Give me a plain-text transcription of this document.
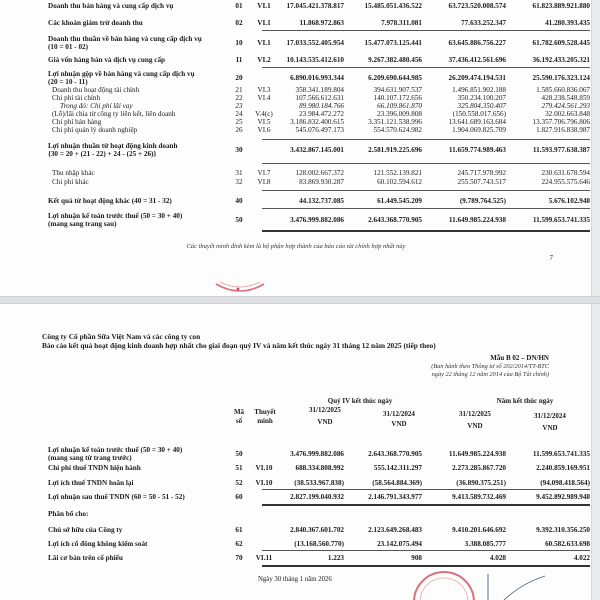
Doanh thu bán hàng và cung cấp dịch vụ	01	VI.1	17.045.421.378.817	15.485.051.436.522	63.723.520.008.574	61.823.889.921.880
Các khoản giảm trừ doanh thu	02	VI.1	11.868.972.863	7.978.311.081	77.633.252.347	41.280.393.435
Doanh thu thuần về bán hàng và cung cấp dịch vụ	10	VI.1	17.033.552.405.954	15.477.073.125.441	63.645.886.756.227	61.782.609.528.445
(10 = 01 - 02)
Giá vốn hàng bán và dịch vụ cung cấp	11	VI.2	10.143.535.412.610	9.267.382.480.456	37.436.412.561.696	36.192.433.205.321
Lợi nhuận gộp về bán hàng và cung cấp dịch vụ	20	6.890.016.993.344	6.209.690.644.985	26.209.474.194.531	25.590.176.323.124
(20 = 10 - 11)
Doanh thu hoạt động tài chính	21	VI.3	358.341.189.804	394.631.907.537	1.496.851.902.188	1.585.660.836.067
Chi phí tài chính	22	VI.4	107.566.612.631	140.107.172.656	350.234.100.207	428.238.548.859
Trong đó: Chi phí lãi vay	23	89.980.184.766	66.109.861.870	325.804.350.407	279.424.561.293
(Lỗ)/lãi chia từ công ty liên kết, liên doanh	24	V.4(c)	23.984.472.272	23.396.009.808	(150.558.017.656)	32.002.663.848
Chi phí bán hàng	25	VI.5	3.186.832.400.615	3.351.121.538.996	13.641.689.163.684	13.357.706.796.806
Chi phí quản lý doanh nghiệp	26	VI.6	545.076.497.173	554.570.624.982	1.904.069.825.709	1.827.916.838.987
Lợi nhuận thuần từ hoạt động kinh doanh	30	3.432.867.145.001	2.581.919.225.696	11.659.774.989.463	11.593.977.638.387
{30 = 20 + (21 - 22) + 24 - (25 + 26)}
Thu nhập khác	31	VI.7	128.002.667.372	121.552.139.821	245.717.978.992	230.631.678.594
Chi phí khác	32	VI.8	83.869.930.287	60.102.594.612	255.507.743.517	224.955.575.646
Kết quả từ hoạt động khác (40 = 31 - 32)	40	44.132.737.085	61.449.545.209	(9.789.764.525)	5.676.102.948
Lợi nhuận kế toán trước thuế (50 = 30 + 40)	50	3.476.999.882.086	2.643.368.770.905	11.649.985.224.938	11.599.653.741.335
(mang sang trang sau)
Các thuyết minh đính kèm là bộ phận hợp thành của báo cáo tài chính hợp nhất này
7
Công ty Cổ phần Sữa Việt Nam và các công ty con
Báo cáo kết quả hoạt động kinh doanh hợp nhất cho giai đoạn quý IV và năm kết thúc ngày 31 tháng 12 năm 2025 (tiếp theo)
Mẫu B 02 – DN/HN
(Ban hành theo Thông tư số 202/2014/TT-BTC
ngày 22 tháng 12 năm 2014 của Bộ Tài chính)
Mã
số
Thuyết
minh
Quý IV kết thúc ngày	Năm kết thúc ngày
31/12/2025	31/12/2024	31/12/2025	31/12/2024
VND	VND	VND	VND
Lợi nhuận kế toán trước thuế (50 = 30 + 40)	50	3.476.999.882.086	2.643.368.770.905	11.649.985.224.938	11.599.653.741.335
(mang sang từ trang trước)
Chi phí thuế TNDN hiện hành	51	VI.10	688.334.808.992	555.142.311.297	2.273.285.867.720	2.240.859.169.951
Lợi ích thuế TNDN hoãn lại	52	VI.10	(38.533.967.838)	(58.564.884.369)	(36.890.375.251)	(94.098.418.564)
Lợi nhuận sau thuế TNDN (60 = 50 - 51 - 52)	60	2.827.199.040.932	2.146.791.343.977	9.413.589.732.469	9.452.892.989.948
Phân bổ cho:
Chủ sở hữu của Công ty	61	2.840.367.601.702	2.123.649.268.483	9.410.201.646.692	9.392.310.356.250
Lợi ích cổ đông không kiểm soát	62	(13.168.560.770)	23.142.075.494	3.388.085.777	60.582.633.698
Lãi cơ bản trên cổ phiếu	70	VI.11	1.223	908	4.028	4.022
Ngày 30 tháng 1 năm 2026
